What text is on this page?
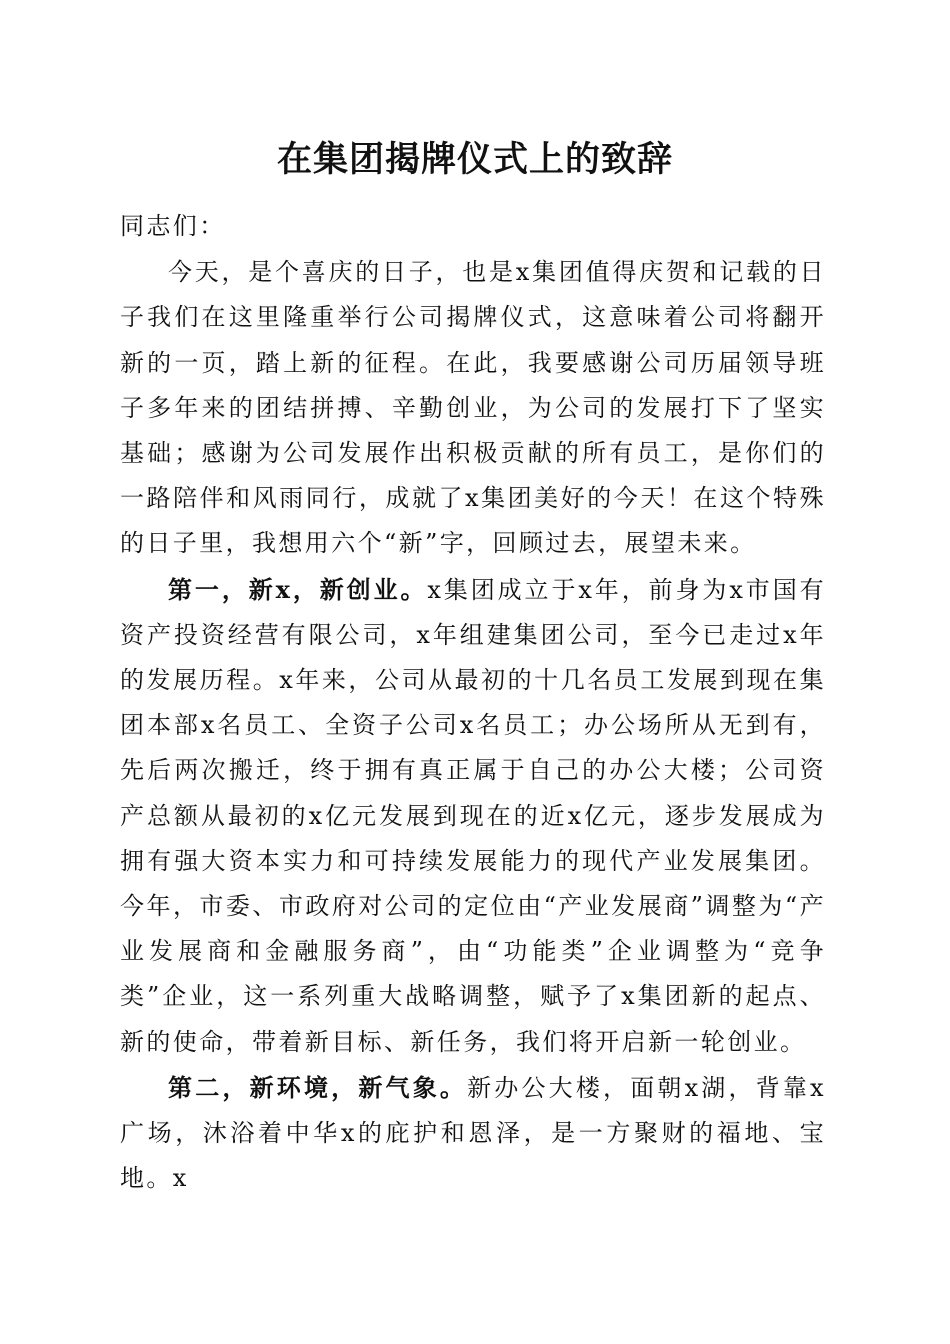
在集团揭牌仪式上的致辞

同志们：

今天，是个喜庆的日子，也是x集团值得庆贺和记载的日子我们在这里隆重举行公司揭牌仪式，这意味着公司将翻开新的一页，踏上新的征程。在此，我要感谢公司历届领导班子多年来的团结拼搏、辛勤创业，为公司的发展打下了坚实基础；感谢为公司发展作出积极贡献的所有员工，是你们的一路陪伴和风雨同行，成就了x集团美好的今天！在这个特殊的日子里，我想用六个“新”字，回顾过去，展望未来。

第一，新x，新创业。x集团成立于x年，前身为x市国有资产投资经营有限公司，x年组建集团公司，至今已走过x年的发展历程。x年来，公司从最初的十几名员工发展到现在集团本部x名员工、全资子公司x名员工；办公场所从无到有，先后两次搬迁，终于拥有真正属于自己的办公大楼；公司资产总额从最初的x亿元发展到现在的近x亿元，逐步发展成为拥有强大资本实力和可持续发展能力的现代产业发展集团。今年，市委、市政府对公司的定位由“产业发展商”调整为“产业发展商和金融服务商”，由“功能类”企业调整为“竞争类”企业，这一系列重大战略调整，赋予了x集团新的起点、新的使命，带着新目标、新任务，我们将开启新一轮创业。

第二，新环境，新气象。新办公大楼，面朝x湖，背靠x广场，沐浴着中华x的庇护和恩泽，是一方聚财的福地、宝地。x
